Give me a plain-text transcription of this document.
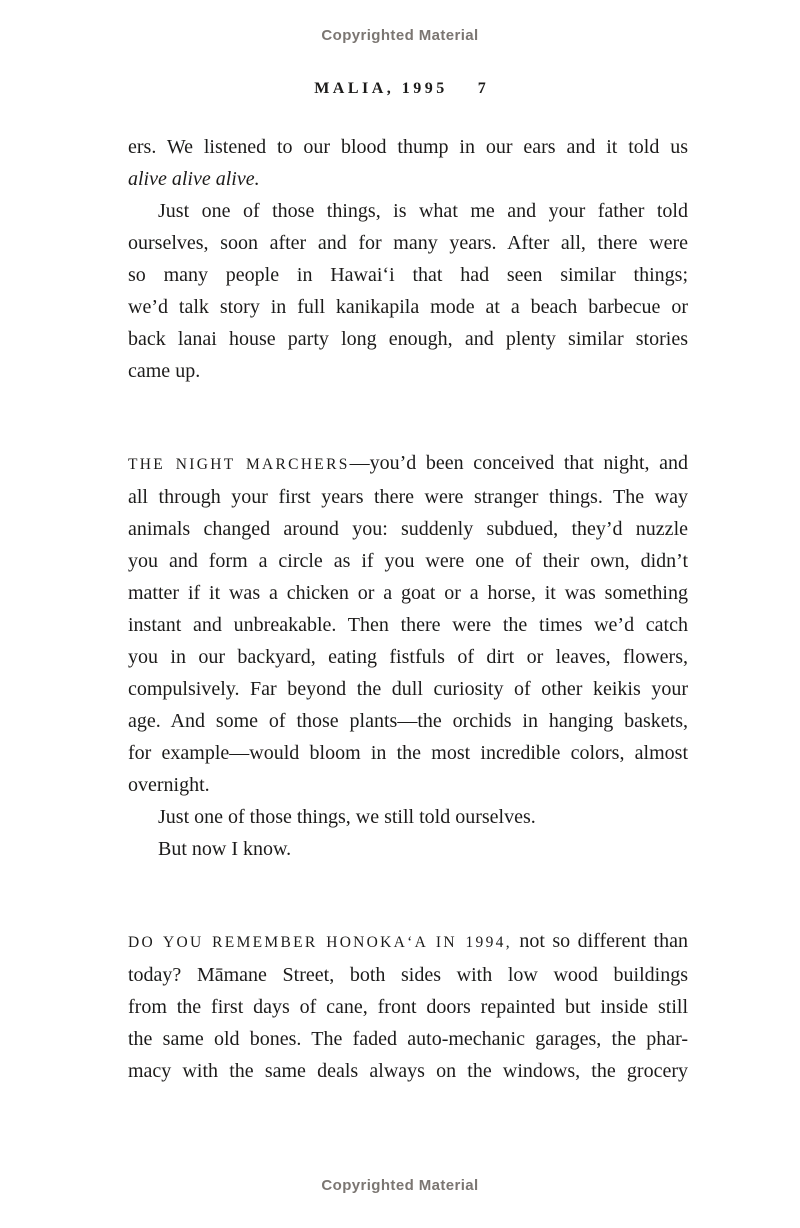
Copyrighted Material
MALIA, 1995 7
ers. We listened to our blood thump in our ears and it told us
alive alive alive.
Just one of those things, is what me and your father told
ourselves, soon after and for many years. After all, there were
so many people in Hawaiʻi that had seen similar things;
we’d talk story in full kanikapila mode at a beach barbecue or
back lanai house party long enough, and plenty similar stories
came up.
THE NIGHT MARCHERS—you’d been conceived that night, and
all through your first years there were stranger things. The way
animals changed around you: suddenly subdued, they’d nuzzle
you and form a circle as if you were one of their own, didn’t
matter if it was a chicken or a goat or a horse, it was something
instant and unbreakable. Then there were the times we’d catch
you in our backyard, eating fistfuls of dirt or leaves, flowers,
compulsively. Far beyond the dull curiosity of other keikis your
age. And some of those plants—the orchids in hanging baskets,
for example—would bloom in the most incredible colors, almost
overnight.
Just one of those things, we still told ourselves.
But now I know.
DO YOU REMEMBER HONOKAʻA IN 1994, not so different than
today? Māmane Street, both sides with low wood buildings
from the first days of cane, front doors repainted but inside still
the same old bones. The faded auto-mechanic garages, the phar-
macy with the same deals always on the windows, the grocery
Copyrighted Material
